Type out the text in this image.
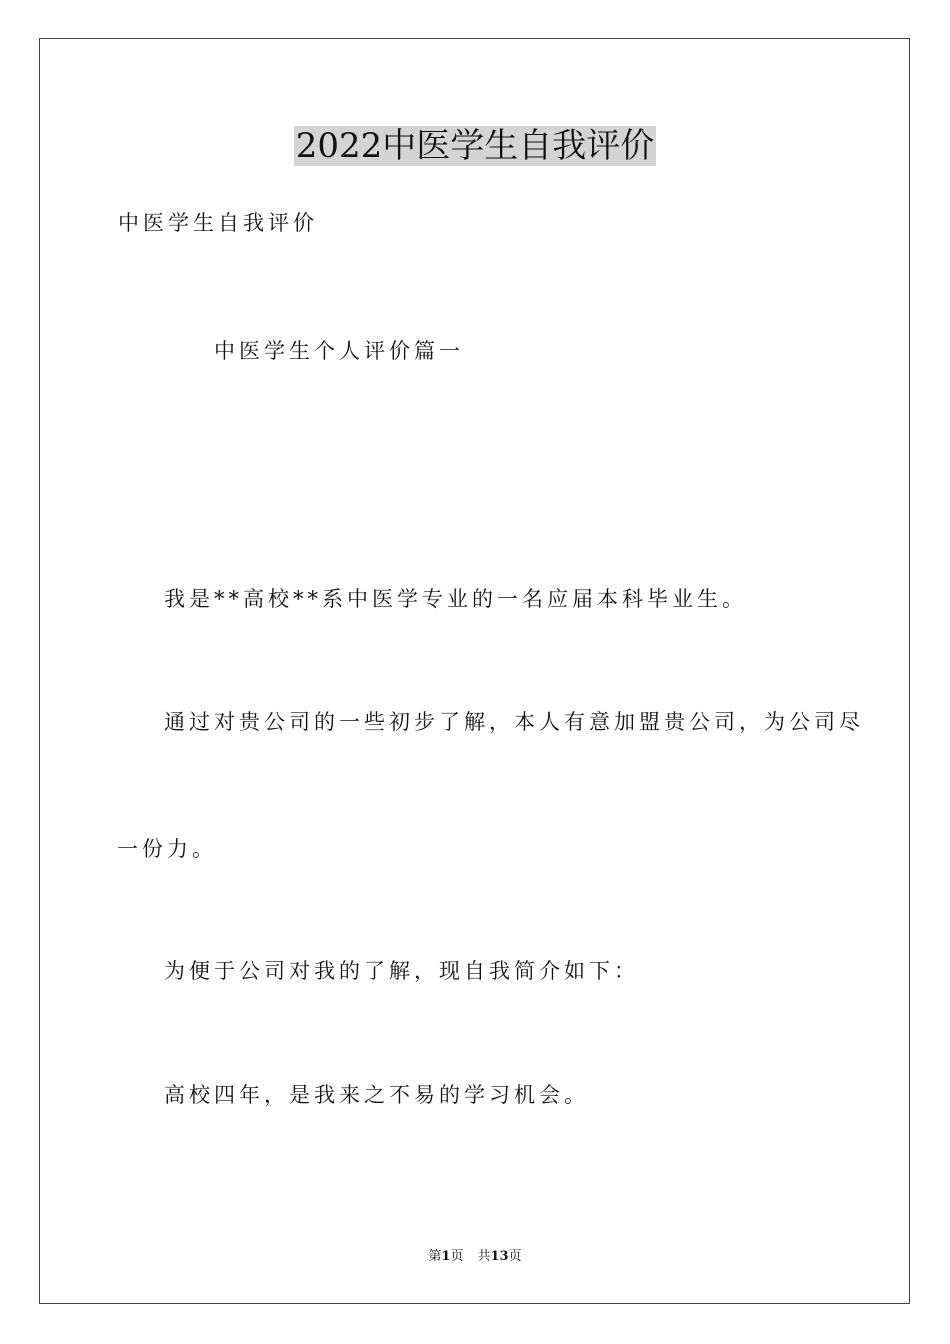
2022中医学生自我评价

中医学生自我评价

中医学生个人评价篇一

我是**高校**系中医学专业的一名应届本科毕业生。

通过对贵公司的一些初步了解，本人有意加盟贵公司，为公司尽

一份力。

为便于公司对我的了解，现自我简介如下：

高校四年，是我来之不易的学习机会。

第1页 共13页
